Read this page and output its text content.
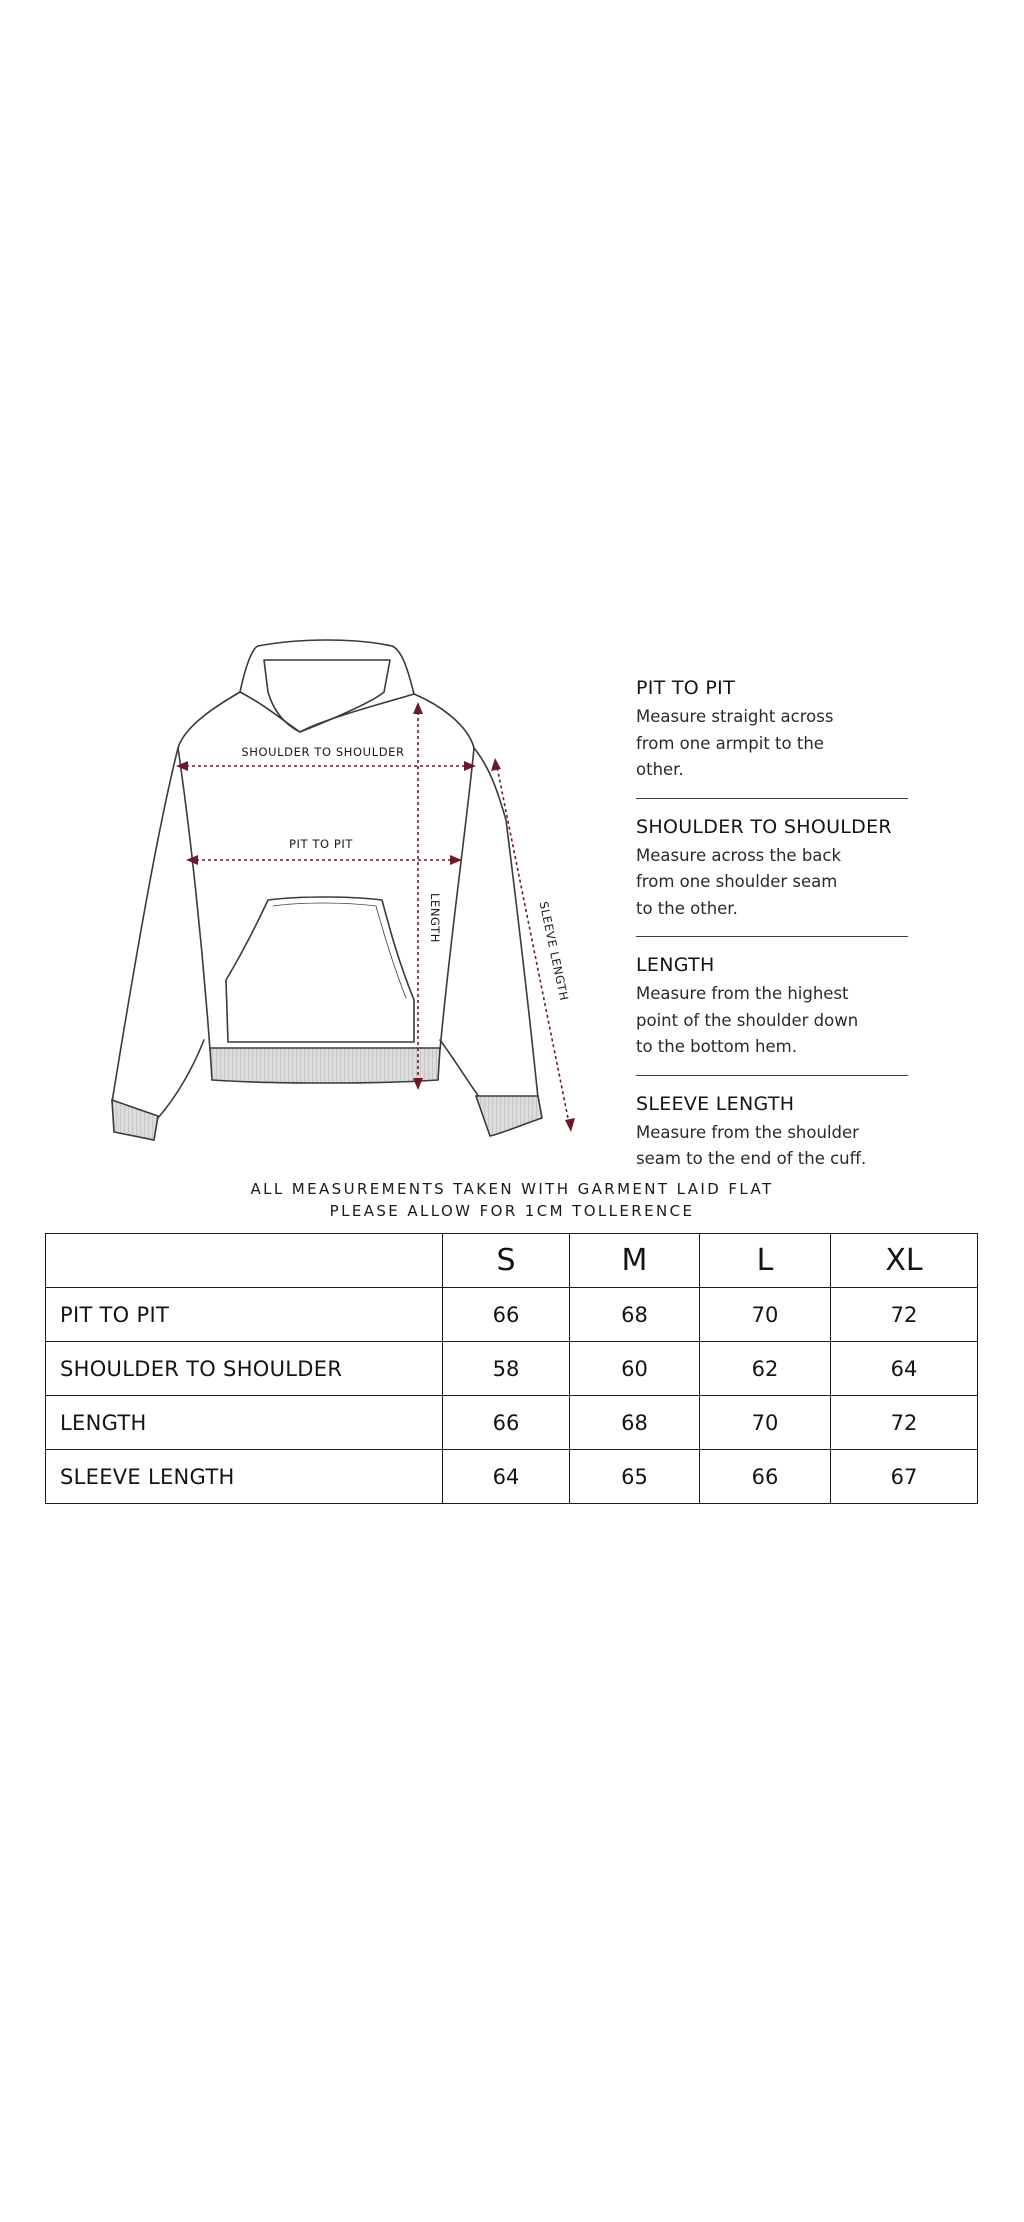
SHOULDER TO SHOULDER
PIT TO PIT
LENGTH	SLEEVE LENGTH
PIT TO PIT
Measure straight across
from one armpit to the
other.
SHOULDER TO SHOULDER
Measure across the back
from one shoulder seam
to the other.
LENGTH
Measure from the highest
point of the shoulder down
to the bottom hem.
SLEEVE LENGTH
Measure from the shoulder
seam to the end of the cuff.
ALL MEASUREMENTS TAKEN WITH GARMENT LAID FLAT
PLEASE ALLOW FOR 1CM TOLLERENCE
	S	M	L	XL
PIT TO PIT	66	68	70	72
SHOULDER TO SHOULDER	58	60	62	64
LENGTH	66	68	70	72
SLEEVE LENGTH	64	65	66	67
